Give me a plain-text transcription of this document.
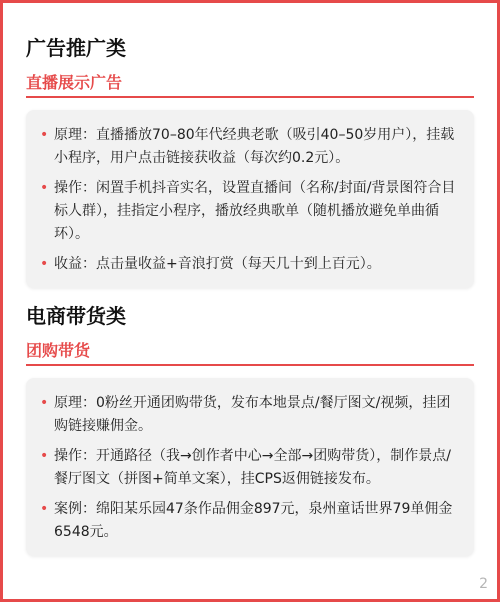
广告推广类
直播展示广告
• 原理：直播播放70–80年代经典老歌（吸引40–50岁用户），挂载小程序，用户点击链接获收益（每次约0.2元）。
• 操作：闲置手机抖音实名，设置直播间（名称/封面/背景图符合目标人群），挂指定小程序，播放经典歌单（随机播放避免单曲循环）。
• 收益：点击量收益+音浪打赏（每天几十到上百元）。
电商带货类
团购带货
• 原理：0粉丝开通团购带货，发布本地景点/餐厅图文/视频，挂团购链接赚佣金。
• 操作：开通路径（我→创作者中心→全部→团购带货），制作景点/餐厅图文（拼图+简单文案），挂CPS返佣链接发布。
• 案例：绵阳某乐园47条作品佣金897元，泉州童话世界79单佣金6548元。
2
